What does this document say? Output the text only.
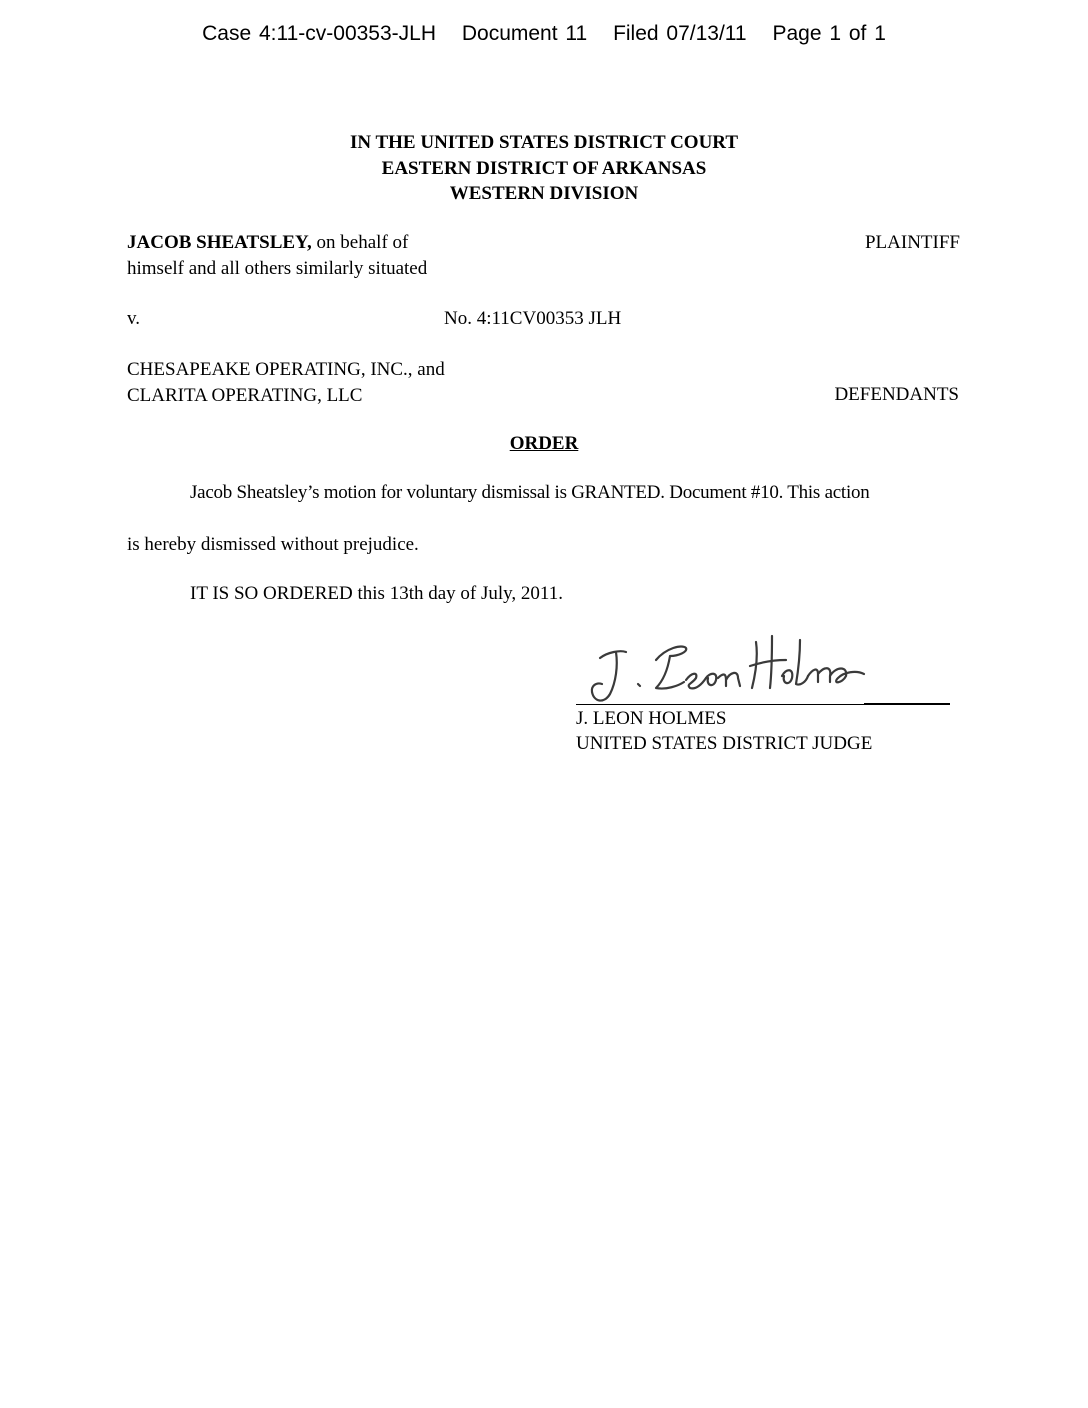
Case 4:11-cv-00353-JLH Document 11 Filed 07/13/11 Page 1 of 1
IN THE UNITED STATES DISTRICT COURT
EASTERN DISTRICT OF ARKANSAS
WESTERN DIVISION
JACOB SHEATSLEY, on behalf of
himself and all others similarly situated
PLAINTIFF
v.	No. 4:11CV00353 JLH
CHESAPEAKE OPERATING, INC., and
CLARITA OPERATING, LLC	DEFENDANTS
ORDER
Jacob Sheatsley’s motion for voluntary dismissal is GRANTED. Document #10. This action
is hereby dismissed without prejudice.
IT IS SO ORDERED this 13th day of July, 2011.
J. LEON HOLMES
UNITED STATES DISTRICT JUDGE
